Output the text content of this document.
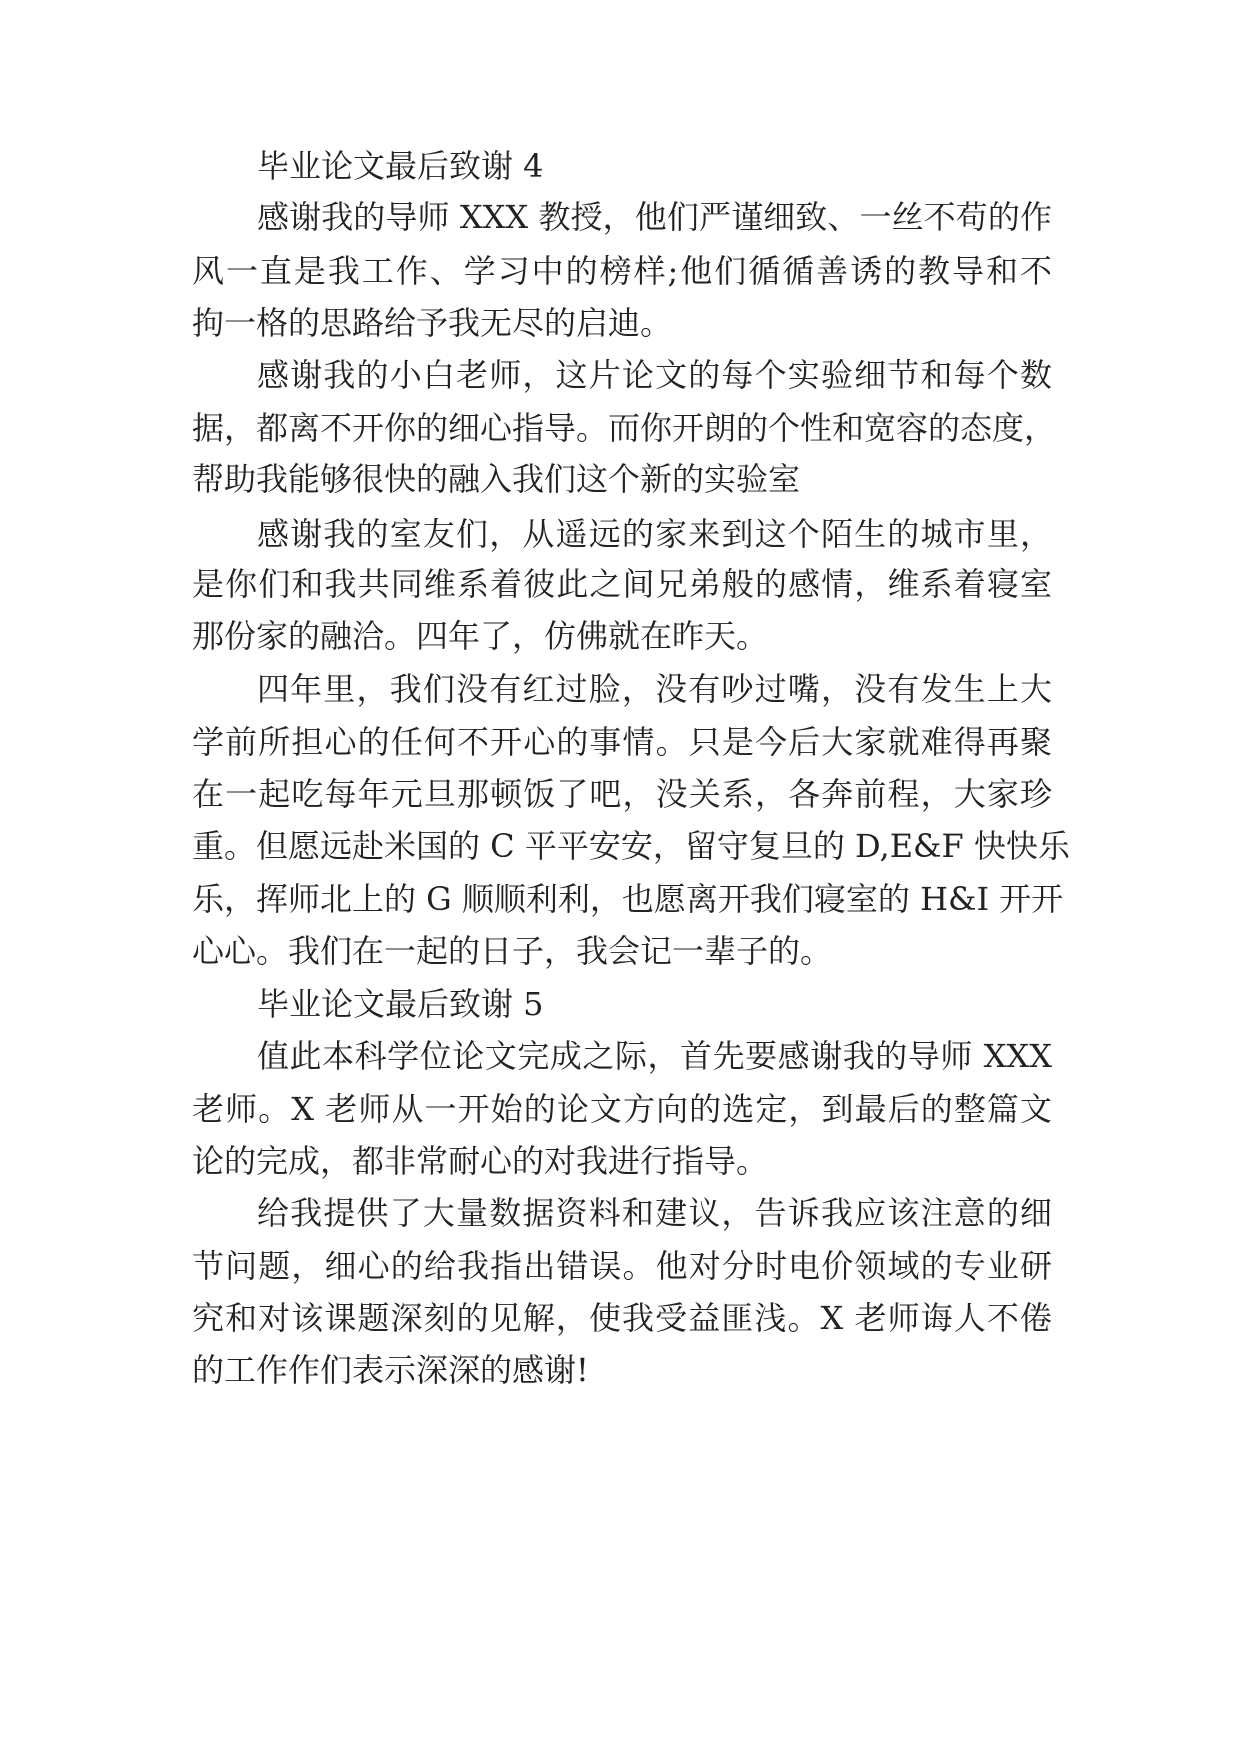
毕业论文最后致谢 4
感谢我的导师 XXX 教授，他们严谨细致、一丝不苟的作
风一直是我工作、学习中的榜样;他们循循善诱的教导和不
拘一格的思路给予我无尽的启迪。
感谢我的小白老师，这片论文的每个实验细节和每个数
据，都离不开你的细心指导。而你开朗的个性和宽容的态度，
帮助我能够很快的融入我们这个新的实验室
感谢我的室友们，从遥远的家来到这个陌生的城市里，
是你们和我共同维系着彼此之间兄弟般的感情，维系着寝室
那份家的融洽。四年了，仿佛就在昨天。
四年里，我们没有红过脸，没有吵过嘴，没有发生上大
学前所担心的任何不开心的事情。只是今后大家就难得再聚
在一起吃每年元旦那顿饭了吧，没关系，各奔前程，大家珍
重。但愿远赴米国的 C 平平安安，留守复旦的 D,E&F 快快乐
乐，挥师北上的 G 顺顺利利，也愿离开我们寝室的 H&I 开开
心心。我们在一起的日子，我会记一辈子的。
毕业论文最后致谢 5
值此本科学位论文完成之际，首先要感谢我的导师 XXX
老师。X 老师从一开始的论文方向的选定，到最后的整篇文
论的完成，都非常耐心的对我进行指导。
给我提供了大量数据资料和建议，告诉我应该注意的细
节问题，细心的给我指出错误。他对分时电价领域的专业研
究和对该课题深刻的见解，使我受益匪浅。X 老师诲人不倦
的工作作们表示深深的感谢!
